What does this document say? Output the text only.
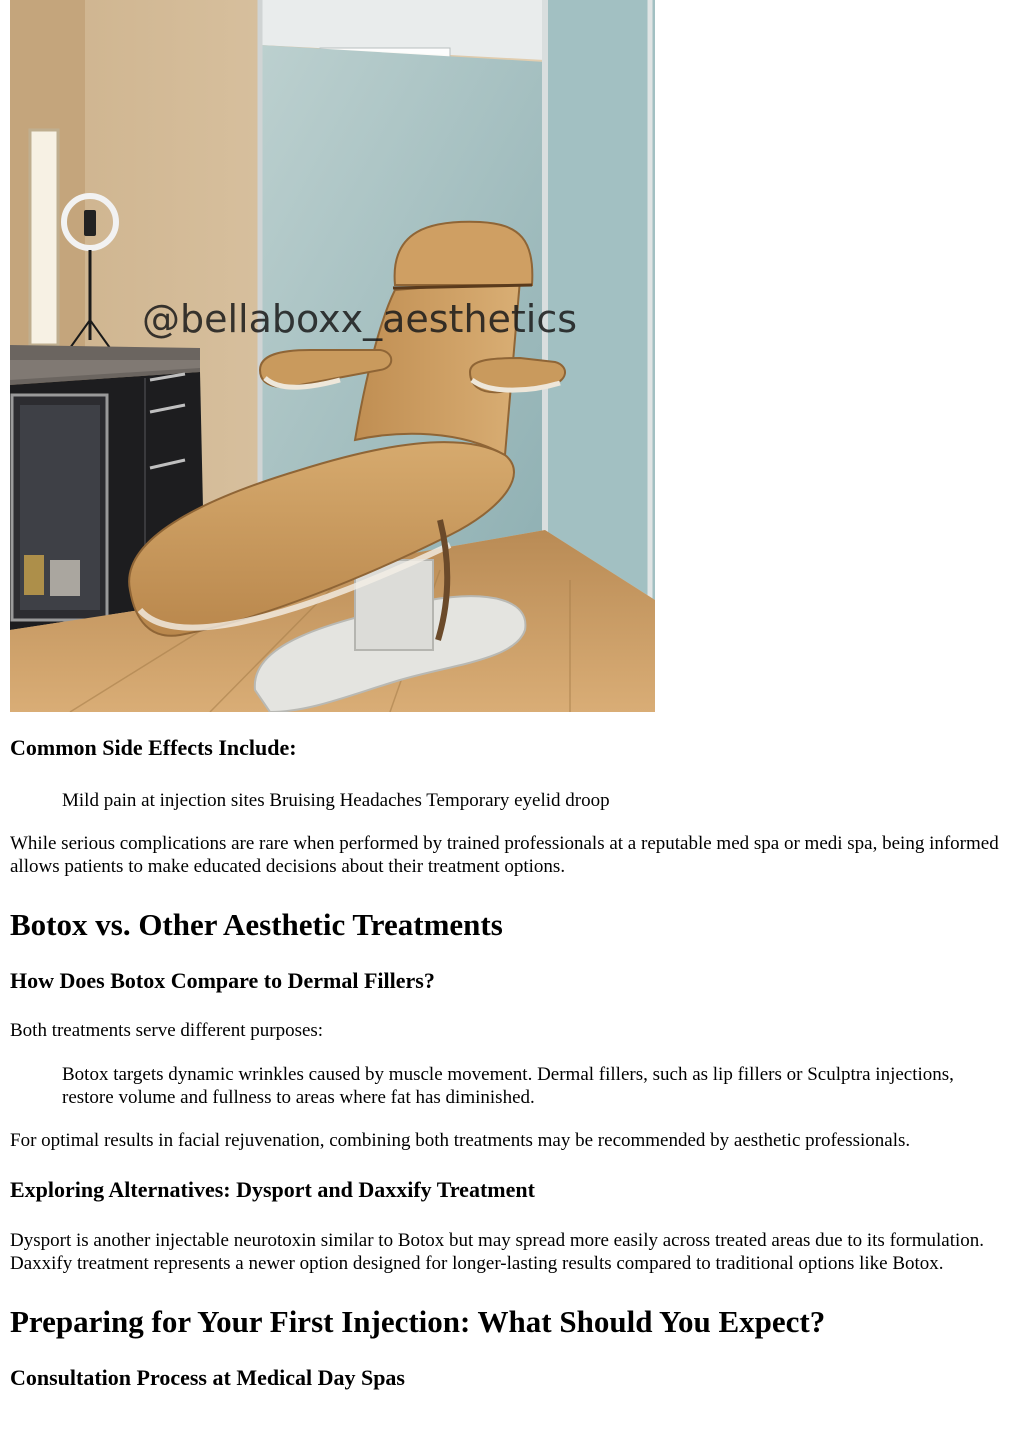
@bellaboxx_aesthetics
Common Side Effects Include:
Mild pain at injection sites Bruising Headaches Temporary eyelid droop

While serious complications are rare when performed by trained professionals at a reputable med spa or medi spa, being informed allows patients to make educated decisions about their treatment options.

Botox vs. Other Aesthetic Treatments
How Does Botox Compare to Dermal Fillers?

Both treatments serve different purposes:

Botox targets dynamic wrinkles caused by muscle movement. Dermal fillers, such as lip fillers or Sculptra injections, restore volume and fullness to areas where fat has diminished.

For optimal results in facial rejuvenation, combining both treatments may be recommended by aesthetic professionals.

Exploring Alternatives: Dysport and Daxxify Treatment

Dysport is another injectable neurotoxin similar to Botox but may spread more easily across treated areas due to its formulation. Daxxify treatment represents a newer option designed for longer-lasting results compared to traditional options like Botox.

Preparing for Your First Injection: What Should You Expect?
Consultation Process at Medical Day Spas
